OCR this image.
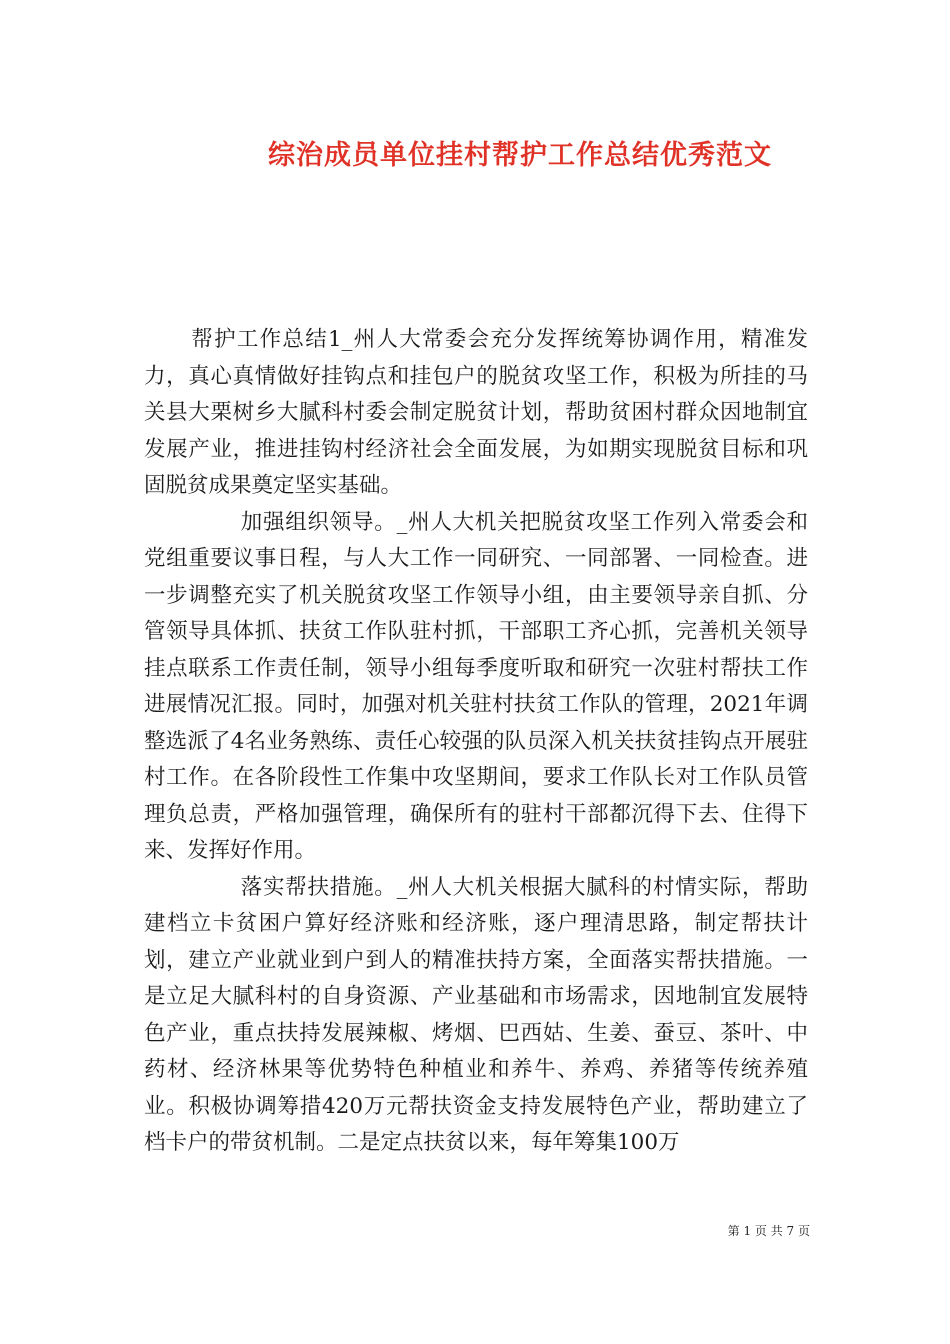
综治成员单位挂村帮护工作总结优秀范文

帮护工作总结1_州人大常委会充分发挥统筹协调作用，精准发力，真心真情做好挂钩点和挂包户的脱贫攻坚工作，积极为所挂的马关县大栗树乡大腻科村委会制定脱贫计划，帮助贫困村群众因地制宜发展产业，推进挂钩村经济社会全面发展，为如期实现脱贫目标和巩固脱贫成果奠定坚实基础。

加强组织领导。_州人大机关把脱贫攻坚工作列入常委会和党组重要议事日程，与人大工作一同研究、一同部署、一同检查。进一步调整充实了机关脱贫攻坚工作领导小组，由主要领导亲自抓、分管领导具体抓、扶贫工作队驻村抓，干部职工齐心抓，完善机关领导挂点联系工作责任制，领导小组每季度听取和研究一次驻村帮扶工作进展情况汇报。同时，加强对机关驻村扶贫工作队的管理，2021年调整选派了4名业务熟练、责任心较强的队员深入机关扶贫挂钩点开展驻村工作。在各阶段性工作集中攻坚期间，要求工作队长对工作队员管理负总责，严格加强管理，确保所有的驻村干部都沉得下去、住得下来、发挥好作用。

落实帮扶措施。_州人大机关根据大腻科的村情实际，帮助建档立卡贫困户算好经济账和经济账，逐户理清思路，制定帮扶计划，建立产业就业到户到人的精准扶持方案，全面落实帮扶措施。一是立足大腻科村的自身资源、产业基础和市场需求，因地制宜发展特色产业，重点扶持发展辣椒、烤烟、巴西姑、生姜、蚕豆、茶叶、中药材、经济林果等优势特色种植业和养牛、养鸡、养猪等传统养殖业。积极协调筹措420万元帮扶资金支持发展特色产业，帮助建立了档卡户的带贫机制。二是定点扶贫以来，每年筹集100万

第 1 页 共 7 页
